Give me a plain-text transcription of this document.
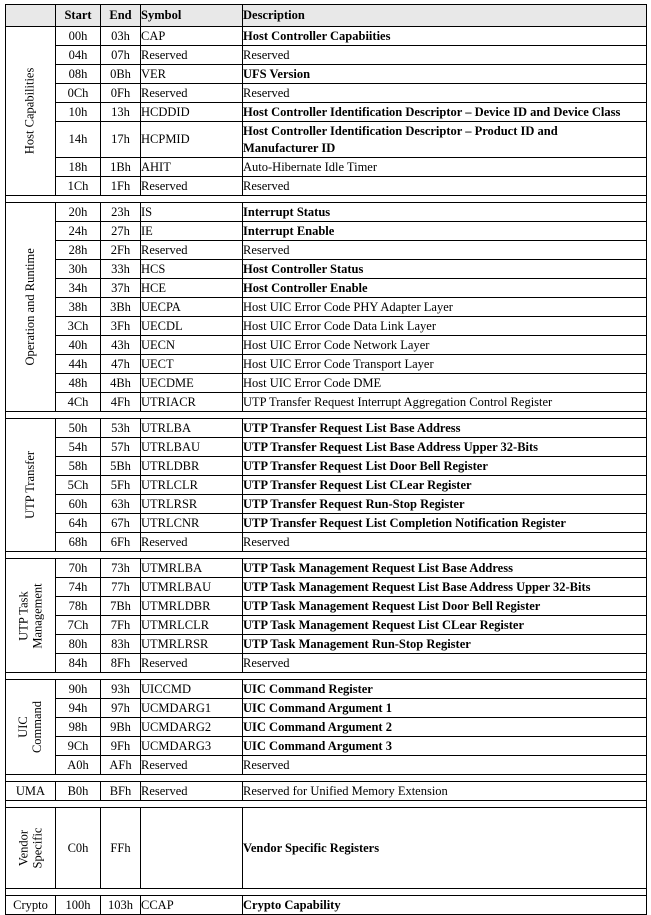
	Start	End	Symbol	Description

Host Capabilities	00h	03h	CAP	Host Controller Capabiities
	04h	07h	Reserved	Reserved
	08h	0Bh	VER	UFS Version
	0Ch	0Fh	Reserved	Reserved
	10h	13h	HCDDID	Host Controller Identification Descriptor – Device ID and Device Class
	14h	17h	HCPMID	Host Controller Identification Descriptor – Product ID and
Manufacturer ID
	18h	1Bh	AHIT	Auto-Hibernate Idle Timer
	1Ch	1Fh	Reserved	Reserved

Operation and Runtime	20h	23h	IS	Interrupt Status
	24h	27h	IE	Interrupt Enable
	28h	2Fh	Reserved	Reserved
	30h	33h	HCS	Host Controller Status
	34h	37h	HCE	Host Controller Enable
	38h	3Bh	UECPA	Host UIC Error Code PHY Adapter Layer
	3Ch	3Fh	UECDL	Host UIC Error Code Data Link Layer
	40h	43h	UECN	Host UIC Error Code Network Layer
	44h	47h	UECT	Host UIC Error Code Transport Layer
	48h	4Bh	UECDME	Host UIC Error Code DME
	4Ch	4Fh	UTRIACR	UTP Transfer Request Interrupt Aggregation Control Register

UTP Transfer	50h	53h	UTRLBA	UTP Transfer Request List Base Address
	54h	57h	UTRLBAU	UTP Transfer Request List Base Address Upper 32-Bits
	58h	5Bh	UTRLDBR	UTP Transfer Request List Door Bell Register
	5Ch	5Fh	UTRLCLR	UTP Transfer Request List CLear Register
	60h	63h	UTRLRSR	UTP Transfer Request Run-Stop Register
	64h	67h	UTRLCNR	UTP Transfer Request List Completion Notification Register
	68h	6Fh	Reserved	Reserved

UTP Task
Management	70h	73h	UTMRLBA	UTP Task Management Request List Base Address
	74h	77h	UTMRLBAU	UTP Task Management Request List Base Address Upper 32-Bits
	78h	7Bh	UTMRLDBR	UTP Task Management Request List Door Bell Register
	7Ch	7Fh	UTMRLCLR	UTP Task Management Request List CLear Register
	80h	83h	UTMRLRSR	UTP Task Management Run-Stop Register
	84h	8Fh	Reserved	Reserved

UIC
Command	90h	93h	UICCMD	UIC Command Register
	94h	97h	UCMDARG1	UIC Command Argument 1
	98h	9Bh	UCMDARG2	UIC Command Argument 2
	9Ch	9Fh	UCMDARG3	UIC Command Argument 3
	A0h	AFh	Reserved	Reserved

UMA	B0h	BFh	Reserved	Reserved for Unified Memory Extension

Vendor
Specific	C0h	FFh		Vendor Specific Registers

Crypto	100h	103h	CCAP	Crypto Capability
